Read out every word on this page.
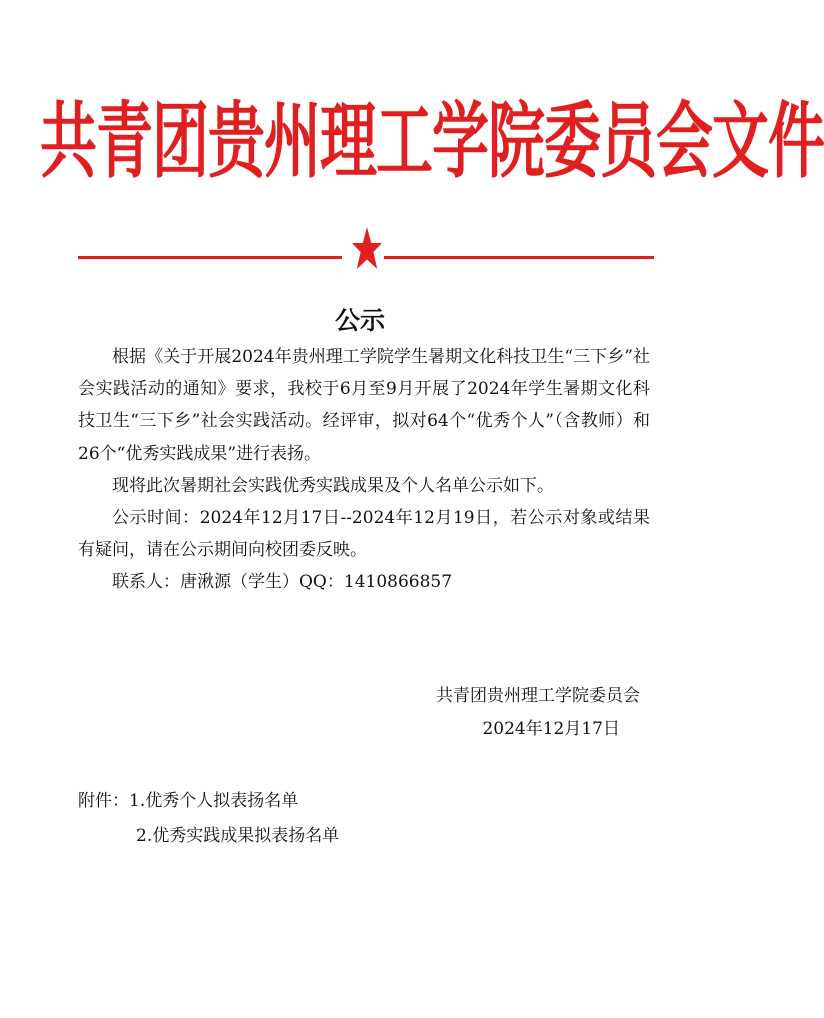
共青团贵州理工学院委员会文件
公示

根据《关于开展2024年贵州理工学院学生暑期文化科技卫生“三下乡”社会实践活动的通知》要求，我校于6月至9月开展了2024年学生暑期文化科技卫生“三下乡”社会实践活动。经评审，拟对64个“优秀个人”（含教师）和26个“优秀实践成果”进行表扬。

现将此次暑期社会实践优秀实践成果及个人名单公示如下。

公示时间：2024年12月17日--2024年12月19日，若公示对象或结果有疑问，请在公示期间向校团委反映。

联系人：唐湫源（学生）QQ：1410866857

共青团贵州理工学院委员会
2024年12月17日
附件：1.优秀个人拟表扬名单
2.优秀实践成果拟表扬名单
